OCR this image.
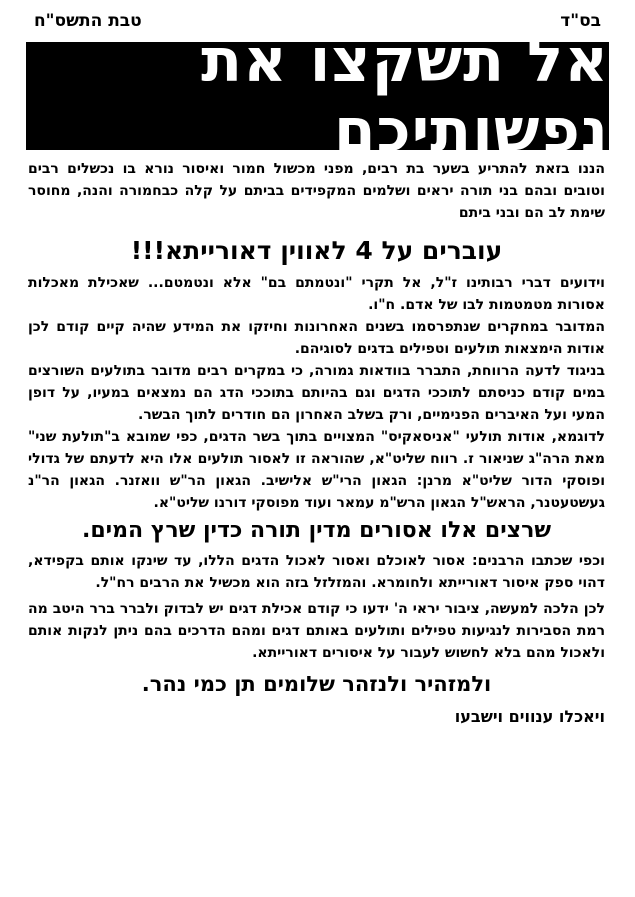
בס"ד
טבת התשס"ח
אל תשקצו את נפשותיכם

הננו בזאת להתריע בשער בת רבים, מפני מכשול חמור ואיסור נורא בו נכשלים רבים וטובים ובהם בני תורה יראים ושלמים המקפידים בביתם על קלה כבחמורה והנה, מחוסר שימת לב הם ובני ביתם

עוברים על 4 לאווין דאורייתא!!!

וידועים דברי רבותינו ז"ל, אל תקרי "ונטמתם בם" אלא ונטמטם... שאכילת מאכלות אסורות מטמטמות לבו של אדם. ח"ו.

המדובר במחקרים שנתפרסמו בשנים האחרונות וחיזקו את המידע שהיה קיים קודם לכן אודות הימצאות תולעים וטפילים בדגים לסוגיהם.

בניגוד לדעה הרווחת, התברר בוודאות גמורה, כי במקרים רבים מדובר בתולעים השורצים במים קודם כניסתם לתוככי הדגים וגם בהיותם בתוככי הדג הם נמצאים במעיו, על דופן המעי ועל האיברים הפנימיים, ורק בשלב האחרון הם חודרים לתוך הבשר.

לדוגמא, אודות תולעי "אניסאקיס" המצויים בתוך בשר הדגים, כפי שמובא ב"תולעת שני" מאת הרה"ג שניאור ז. רווח שליט"א, שהוראה זו לאסור תולעים אלו היא לדעתם של גדולי ופוסקי הדור שליט"א מרנן: הגאון הרי"ש אלישיב. הגאון הר"ש וואזנר. הגאון הר"נ געשטעטנר, הראש"ל הגאון הרש"מ עמאר ועוד מפוסקי דורנו שליט"א.

שרצים אלו אסורים מדין תורה כדין שרץ המים.

וכפי שכתבו הרבנים: אסור לאוכלם ואסור לאכול הדגים הללו, עד שינקו אותם בקפידא, דהוי ספק איסור דאורייתא ולחומרא. והמזלזל בזה הוא מכשיל את הרבים רח"ל.

לכן הלכה למעשה, ציבור יראי ה' ידעו כי קודם אכילת דגים יש לבדוק ולברר ברר היטב מה רמת הסבירות לנגיעות טפילים ותולעים באותם דגים ומהם הדרכים בהם ניתן לנקות אותם ולאכול מהם בלא לחשוש לעבור על איסורים דאורייתא.

ולמזהיר ולנזהר שלומים תן כמי נהר.

ויאכלו ענווים וישבעו
